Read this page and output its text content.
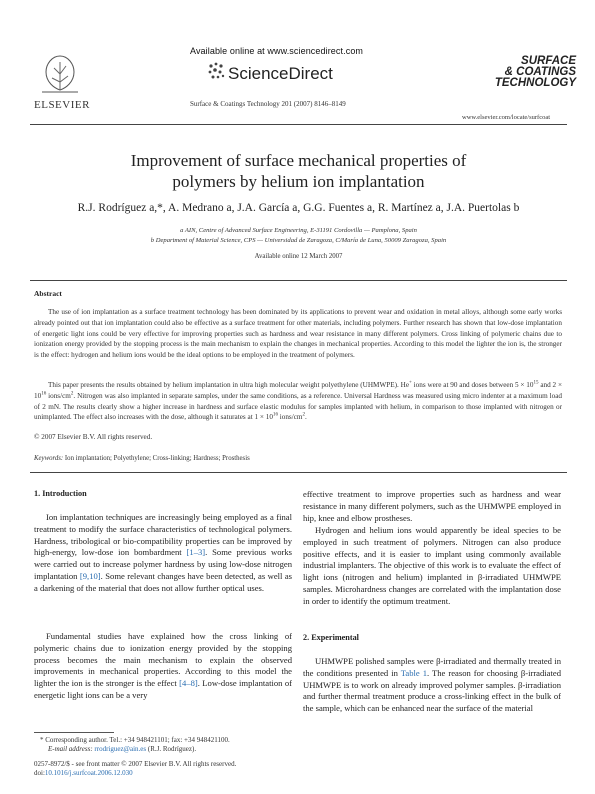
ELSEVIER
Available online at www.sciencedirect.com
ScienceDirect
Surface & Coatings Technology 201 (2007) 8146–8149
SURFACE
& COATINGS
TECHNOLOGY
www.elsevier.com/locate/surfcoat
Improvement of surface mechanical properties of
polymers by helium ion implantation
R.J. Rodríguez a,*, A. Medrano a, J.A. García a, G.G. Fuentes a, R. Martínez a, J.A. Puertolas b
a AIN, Centre of Advanced Surface Engineering, E-31191 Cordovilla — Pamplona, Spain
b Department of Material Science, CPS — Universidad de Zaragoza, C/María de Luna, 50009 Zaragoza, Spain
Available online 12 March 2007
Abstract
The use of ion implantation as a surface treatment technology has been dominated by its applications to prevent wear and oxidation in metal alloys, although some early works already pointed out that ion implantation could also be effective as a surface treatment for other materials, including polymers. Further research has shown that low-dose implantation of energetic light ions could be very effective for improving properties such as hardness and wear resistance in many different polymers. Cross linking of polymeric chains due to ionization energy provided by the stopping process is the main mechanism to explain the changes in mechanical properties. According to this model the lighter the ion is, the stronger is the effect: hydrogen and helium ions would be the ideal options to be employed in the treatment of polymers.
This paper presents the results obtained by helium implantation in ultra high molecular weight polyethylene (UHMWPE). He+ ions were at 90 and doses between $5 \times 10^{15}$ and $2 \times 10^{16}$ ions/$cm^2$. Nitrogen was also implanted in separate samples, under the same conditions, as a reference. Universal Hardness was measured using micro indenter at a maximum load of 2 mN. The results clearly show a higher increase in hardness and surface elastic modulus for samples implanted with helium, in comparison to those implanted with nitrogen or unimplanted. The effect also increases with the dose, although it saturates at $1 \times 10^{16}$ ions/$cm^2$.
© 2007 Elsevier B.V. All rights reserved.
Keywords: Ion implantation; Polyethylene; Cross-linking; Hardness; Prosthesis
1. Introduction
Ion implantation techniques are increasingly being employed as a final treatment to modify the surface characteristics of technological polymers. Hardness, tribological or bio-compatibility properties can be improved by high-energy, low-dose ion bombardment [1–3]. Some previous works were carried out to increase polymer hardness by using low-dose nitrogen implantation [9,10]. Some relevant changes have been detected, as well as a darkening of the material that does not allow further optical uses.
Fundamental studies have explained how the cross linking of polymeric chains due to ionization energy provided by the stopping process becomes the main mechanism to explain the observed improvements in mechanical properties. According to this model the lighter the ion is the stronger is the effect [4–8]. Low-dose implantation of energetic light ions can be a very
* Corresponding author. Tel.: +34 948421101; fax: +34 948421100.
E-mail address: rrodriguez@ain.es (R.J. Rodríguez).
0257-8972/$ - see front matter © 2007 Elsevier B.V. All rights reserved.
doi:10.1016/j.surfcoat.2006.12.030
effective treatment to improve properties such as hardness and wear resistance in many different polymers, such as the UHMWPE employed in hip, knee and elbow prostheses.
Hydrogen and helium ions would apparently be ideal species to be employed in such treatment of polymers. Nitrogen can also produce positive effects, and it is easier to implant using commonly available industrial implanters. The objective of this work is to evaluate the effect of light ions (nitrogen and helium) implanted in β-irradiated UHMWPE samples. Microhardness changes are correlated with the implantation dose in order to identify the optimum treatment.
2. Experimental
UHMWPE polished samples were β-irradiated and thermally treated in the conditions presented in Table 1. The reason for choosing β-irradiated UHMWPE is to work on already improved polymer samples. β-irradiation and further thermal treatment produce a cross-linking effect in the bulk of the sample, which can be enhanced near the surface of the material
